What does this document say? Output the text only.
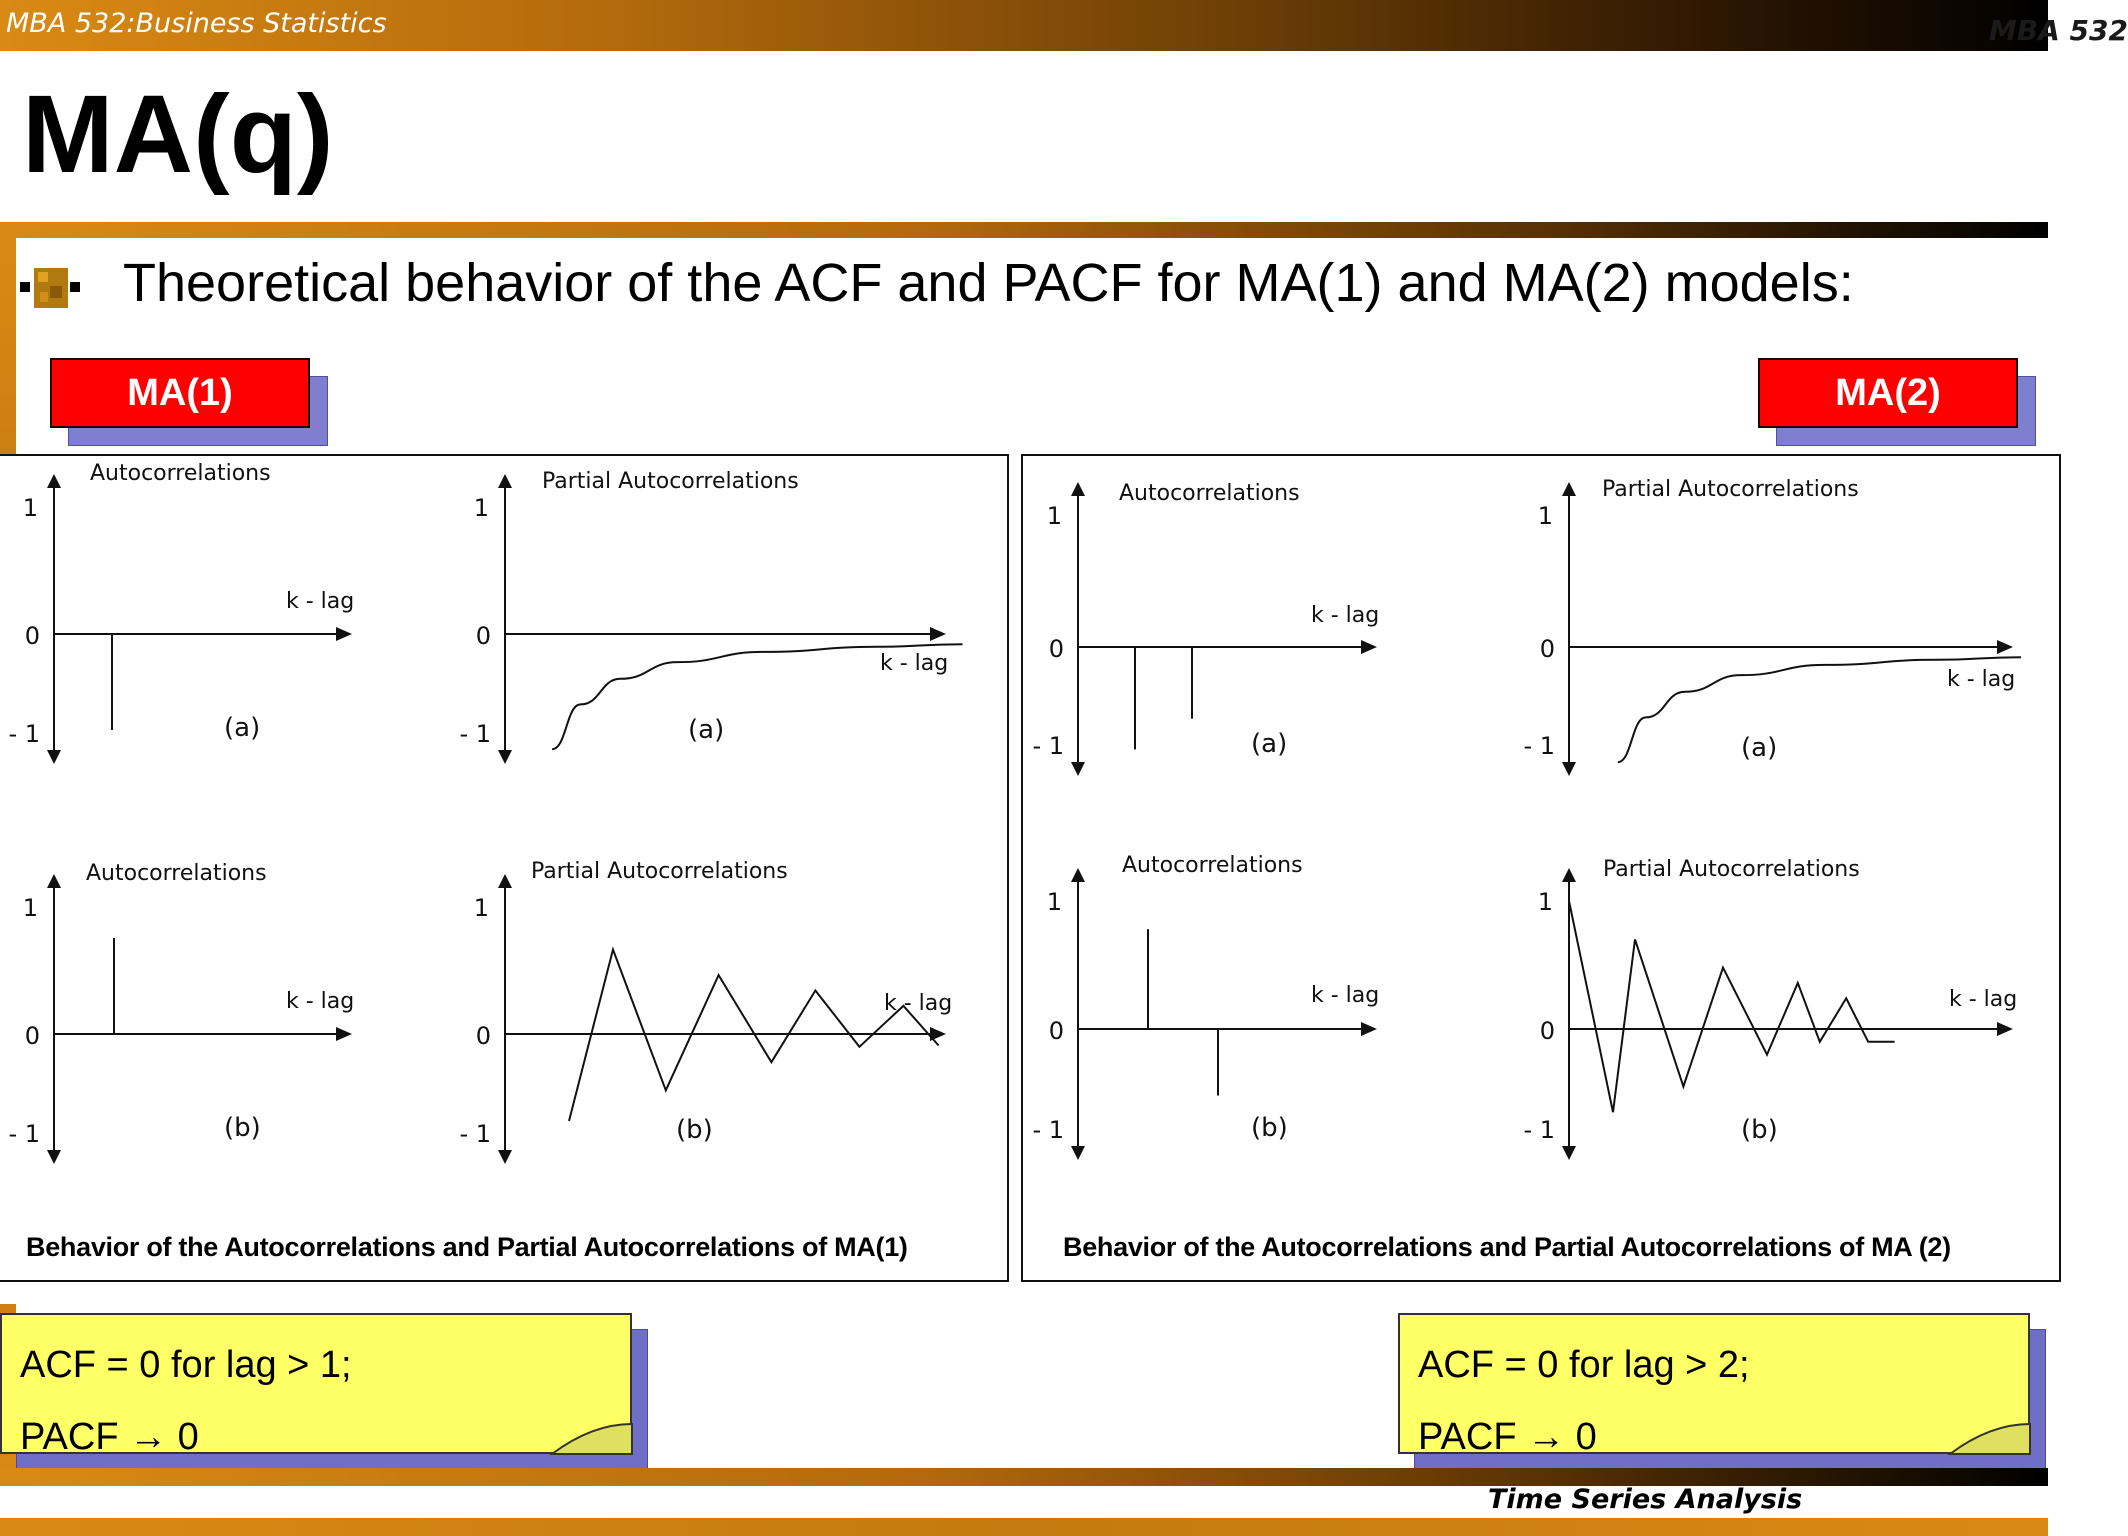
MBA 532:Business Statistics	MBA 532
MA(q)
Theoretical behavior of the ACF and PACF for MA(1) and MA(2) models:
MA(1)	MA(2)
1
0
- 1
Autocorrelations
k - lag
(a)
1
0
- 1
Partial Autocorrelations
k - lag
(a)
1
0
- 1
Autocorrelations
k - lag
(b)
1
0
- 1
Partial Autocorrelations
k - lag
(b)
Behavior of the Autocorrelations and Partial Autocorrelations of MA(1)
1
0
- 1
Autocorrelations
k - lag
(a)
1
0
- 1
Partial Autocorrelations
k - lag
(a)
1
0
- 1
Autocorrelations
k - lag
(b)
1
0
- 1
Partial Autocorrelations
k - lag
(b)
Behavior of the Autocorrelations and Partial Autocorrelations of MA (2)
ACF = 0 for lag > 1;
PACF → 0
ACF = 0 for lag > 2;
PACF → 0
Time Series Analysis
